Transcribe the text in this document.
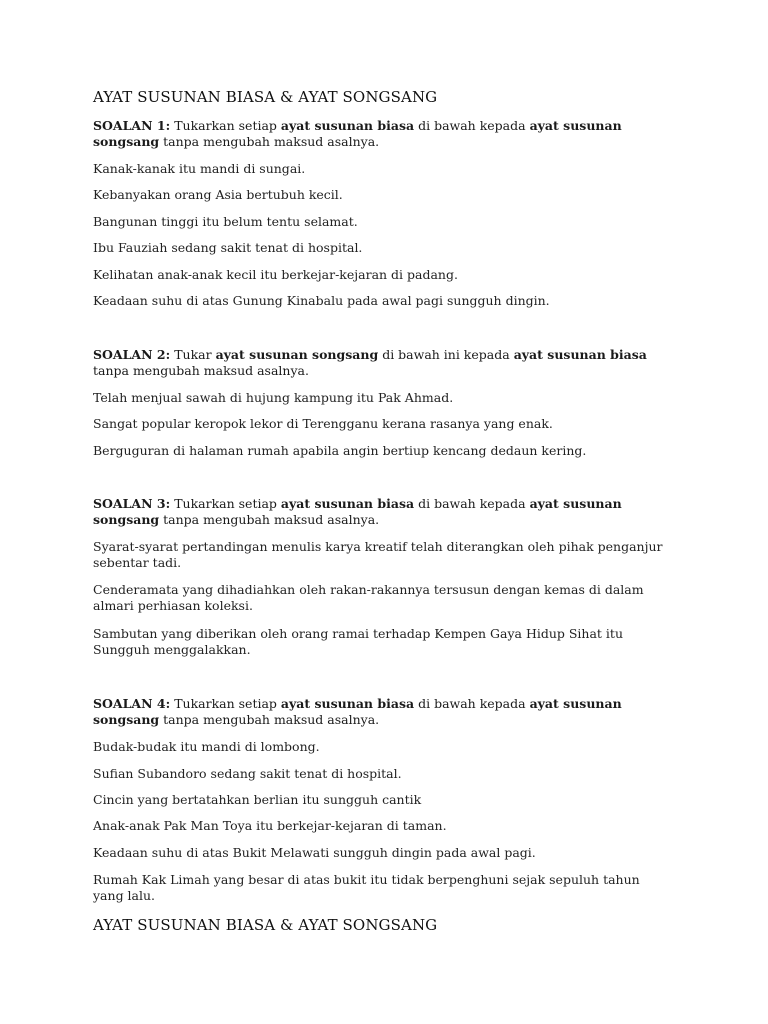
AYAT SUSUNAN BIASA & AYAT SONGSANG
SOALAN 1: Tukarkan setiap ayat susunan biasa di bawah kepada ayat susunan songsang tanpa mengubah maksud asalnya.
Kanak-kanak itu mandi di sungai.
Kebanyakan orang Asia bertubuh kecil.
Bangunan tinggi itu belum tentu selamat.
Ibu Fauziah sedang sakit tenat di hospital.
Kelihatan anak-anak kecil itu berkejar-kejaran di padang.
Keadaan suhu di atas Gunung Kinabalu pada awal pagi sungguh dingin.
SOALAN 2: Tukar ayat susunan songsang di bawah ini kepada ayat susunan biasa tanpa mengubah maksud asalnya.
Telah menjual sawah di hujung kampung itu Pak Ahmad.
Sangat popular keropok lekor di Terengganu kerana rasanya yang enak.
Berguguran di halaman rumah apabila angin bertiup kencang dedaun kering.
SOALAN 3: Tukarkan setiap ayat susunan biasa di bawah kepada ayat susunan songsang tanpa mengubah maksud asalnya.
Syarat-syarat pertandingan menulis karya kreatif telah diterangkan oleh pihak penganjur sebentar tadi.
Cenderamata yang dihadiahkan oleh rakan-rakannya tersusun dengan kemas di dalam almari perhiasan koleksi.
Sambutan yang diberikan oleh orang ramai terhadap Kempen Gaya Hidup Sihat itu Sungguh menggalakkan.
SOALAN 4: Tukarkan setiap ayat susunan biasa di bawah kepada ayat susunan songsang tanpa mengubah maksud asalnya.
Budak-budak itu mandi di lombong.
Sufian Subandoro sedang sakit tenat di hospital.
Cincin yang bertatahkan berlian itu sungguh cantik
Anak-anak Pak Man Toya itu berkejar-kejaran di taman.
Keadaan suhu di atas Bukit Melawati sungguh dingin pada awal pagi.
Rumah Kak Limah yang besar di atas bukit itu tidak berpenghuni sejak sepuluh tahun yang lalu.
AYAT SUSUNAN BIASA & AYAT SONGSANG
